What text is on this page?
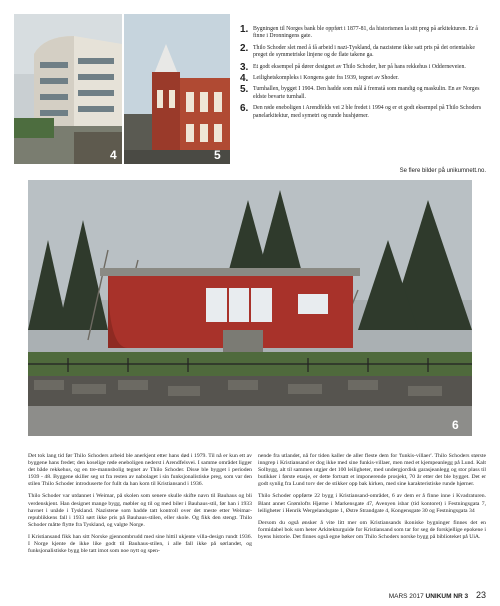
4	5
1. Bygningen til Norges bank ble oppført i 1877-81, da historismen la sitt preg på arkitekturen. Er å finne i Dronningens gate.
2. Thilo Schoder slet med å få arbeid i nazi-Tyskland, da nazistene ikke satt pris på det orientalske preget de symmetriske linjene og de flate takene ga.
3. Et godt eksempel på dører designet av Thilo Schoder, her på hans rekkehus i Odderneveien.
4. Leilighetskompleks i Kongens gate fra 1939, tegnet av Shoder.
5. Turnhallen, bygget I 1904. Den hadde som mål å fremstå som mandig og maskulin. En av Norges eldste bevarte turnhall.
6. Den røde eneboligen i Arendfelds vei 2 ble fredet i 1994 og er et godt eksempel på Thilo Schoders panelarkitektur, med symetri og runde hushjørner.
Se flere bilder på unikumnett.no.
6

Det tok lang tid før Thilo Schoders arbeid ble anerkjent etter hans død i 1979. Til nå er kun ett av byggene hans fredet; den koselige røde eneboligen nederst i Arendfelsvei. I samme området ligger det både rekkehus, og en tre-mannsbolig tegnet av Thilo Schoder. Disse ble bygget i perioden 1939 - 48. Byggene skiller seg ut fra resten av nabolaget i sin funksjonalistiske preg, som var den stilen Thilo Schoder introduserte for fullt da han kom til Kristiansand i 1936.

Thilo Schoder var utdannet i Weimar, på skolen som senere skulle skifte navn til Bauhaus og bli verdenskjent. Han designet mange bygg, møbler og til og med biler i Bauhaus-stil, før han i 1933 havnet i unåde i Tyskland. Nazistene som hadde tatt kontroll over det meste etter Weimar-republikkens fall i 1933 sørt ikke pris på Bauhaus-stilen, eller skole. Og fikk den stengt. Thilo Schoder måtte flytte fra Tyskland, og valgte Norge.

I Kristiansand fikk han sitt Norske gjennombrudd med sine hittil ukjente villa-design rundt 1936. I Norge kjente de ikke like godt til Bauhaus-stilen, i alle fall ikke på sørlandet, og funksjonalistiske bygg ble tatt imot som noe nytt og spen-

nende fra utlandet, nå for tiden kaller de aller fleste dem for 'funkis-villaer'. Thilo Schoders største inngrep i Kristiansand er dog ikke med sine funkis-villaer, men med et kjempeanlegg på Lund. Kalt Solbygg, alt til sammen utgjør det 100 leiligheter, med undergjordisk garasjeanlegg og stor plass til butikker i første etasje, er dette fortsatt et imponerende prosjekt, 70 år etter det ble bygget. Det er godt synlig fra Lund torv der de stikker opp bak kirken, med sine karakteristiske runde hjørner.

Thilo Schoder oppførte 22 bygg i Kristiansand-området, 6 av dem er å finne inne i Kvadraturen. Blant annet Grømlofts Hjørne i Markensgate 47, Avenyen isbar (tid kontoret) i Festningsgata 7, leiligheter i Henrik Wergelandsgate 1, Østre Strandgate 4, Kongensgate 30 og Festningsgata 34

Dersom du også ønsker å vite litt mer om Kristiansands ikoniske bygninger finnes det en formidabel bok som heter Arkitekturguide for Kristiansand som tar for seg de forskjellige epokene i byens historie. Det finnes også egne bøker om Thilo Schoders norske bygg på biblioteket på UiA.

MARS 2017 UNIKUM NR 3 23
